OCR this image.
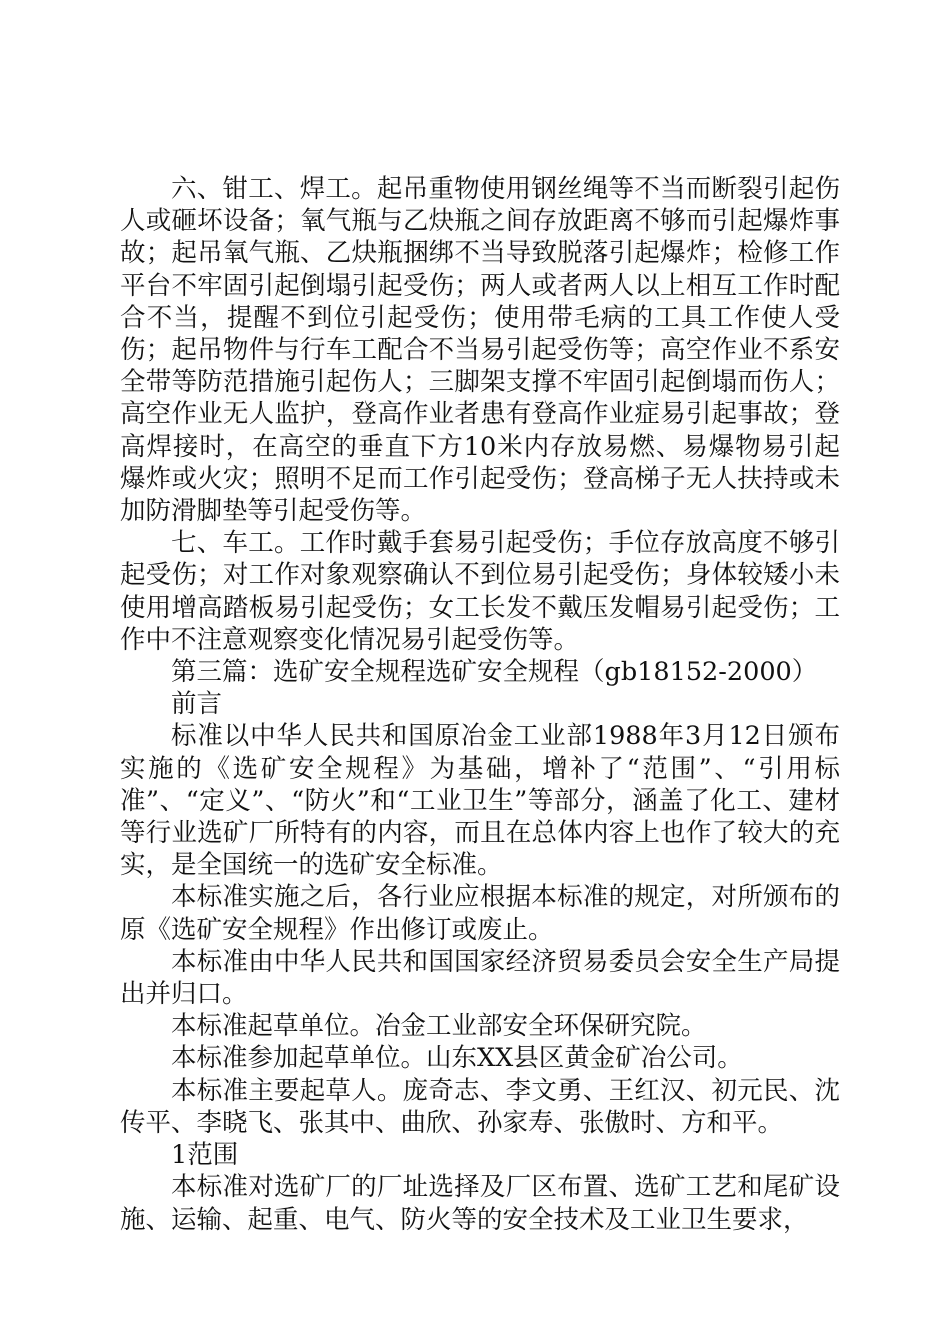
六、钳工、焊工。起吊重物使用钢丝绳等不当而断裂引起伤人或砸坏设备；氧气瓶与乙炔瓶之间存放距离不够而引起爆炸事故；起吊氧气瓶、乙炔瓶捆绑不当导致脱落引起爆炸；检修工作平台不牢固引起倒塌引起受伤；两人或者两人以上相互工作时配合不当，提醒不到位引起受伤；使用带毛病的工具工作使人受伤；起吊物件与行车工配合不当易引起受伤等；高空作业不系安全带等防范措施引起伤人；三脚架支撑不牢固引起倒塌而伤人；高空作业无人监护，登高作业者患有登高作业症易引起事故；登高焊接时，在高空的垂直下方10米内存放易燃、易爆物易引起爆炸或火灾；照明不足而工作引起受伤；登高梯子无人扶持或未加防滑脚垫等引起受伤等。

七、车工。工作时戴手套易引起受伤；手位存放高度不够引起受伤；对工作对象观察确认不到位易引起受伤；身体较矮小未使用增高踏板易引起受伤；女工长发不戴压发帽易引起受伤；工作中不注意观察变化情况易引起受伤等。

第三篇：选矿安全规程选矿安全规程（gb18152-2000）

前言

标准以中华人民共和国原冶金工业部1988年3月12日颁布实施的《选矿安全规程》为基础，增补了“范围”、“引用标准”、“定义”、“防火”和“工业卫生”等部分，涵盖了化工、建材等行业选矿厂所特有的内容，而且在总体内容上也作了较大的充实，是全国统一的选矿安全标准。

本标准实施之后，各行业应根据本标准的规定，对所颁布的原《选矿安全规程》作出修订或废止。

本标准由中华人民共和国国家经济贸易委员会安全生产局提出并归口。

本标准起草单位。冶金工业部安全环保研究院。

本标准参加起草单位。山东XX县区黄金矿冶公司。

本标准主要起草人。庞奇志、李文勇、王红汉、初元民、沈传平、李晓飞、张其中、曲欣、孙家寿、张傲时、方和平。

1范围

本标准对选矿厂的厂址选择及厂区布置、选矿工艺和尾矿设施、运输、起重、电气、防火等的安全技术及工业卫生要求，
